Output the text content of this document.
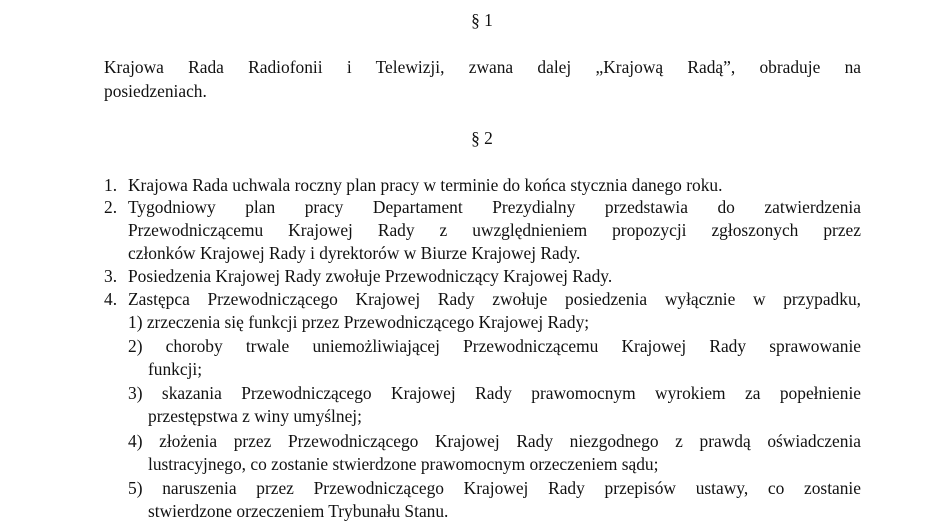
§ 1
Krajowa Rada Radiofonii i Telewizji, zwana dalej „Krajową Radą”, obraduje na
posiedzeniach.
§ 2
1. Krajowa Rada uchwala roczny plan pracy w terminie do końca stycznia danego roku.
2. Tygodniowy plan pracy Departament Prezydialny przedstawia do zatwierdzenia
Przewodniczącemu Krajowej Rady z uwzględnieniem propozycji zgłoszonych przez
członków Krajowej Rady i dyrektorów w Biurze Krajowej Rady.
3. Posiedzenia Krajowej Rady zwołuje Przewodniczący Krajowej Rady.
4. Zastępca Przewodniczącego Krajowej Rady zwołuje posiedzenia wyłącznie w przypadku,
1) zrzeczenia się funkcji przez Przewodniczącego Krajowej Rady;
2) choroby trwale uniemożliwiającej Przewodniczącemu Krajowej Rady sprawowanie
funkcji;
3) skazania Przewodniczącego Krajowej Rady prawomocnym wyrokiem za popełnienie
przestępstwa z winy umyślnej;
4) złożenia przez Przewodniczącego Krajowej Rady niezgodnego z prawdą oświadczenia
lustracyjnego, co zostanie stwierdzone prawomocnym orzeczeniem sądu;
5) naruszenia przez Przewodniczącego Krajowej Rady przepisów ustawy, co zostanie
stwierdzone orzeczeniem Trybunału Stanu.
